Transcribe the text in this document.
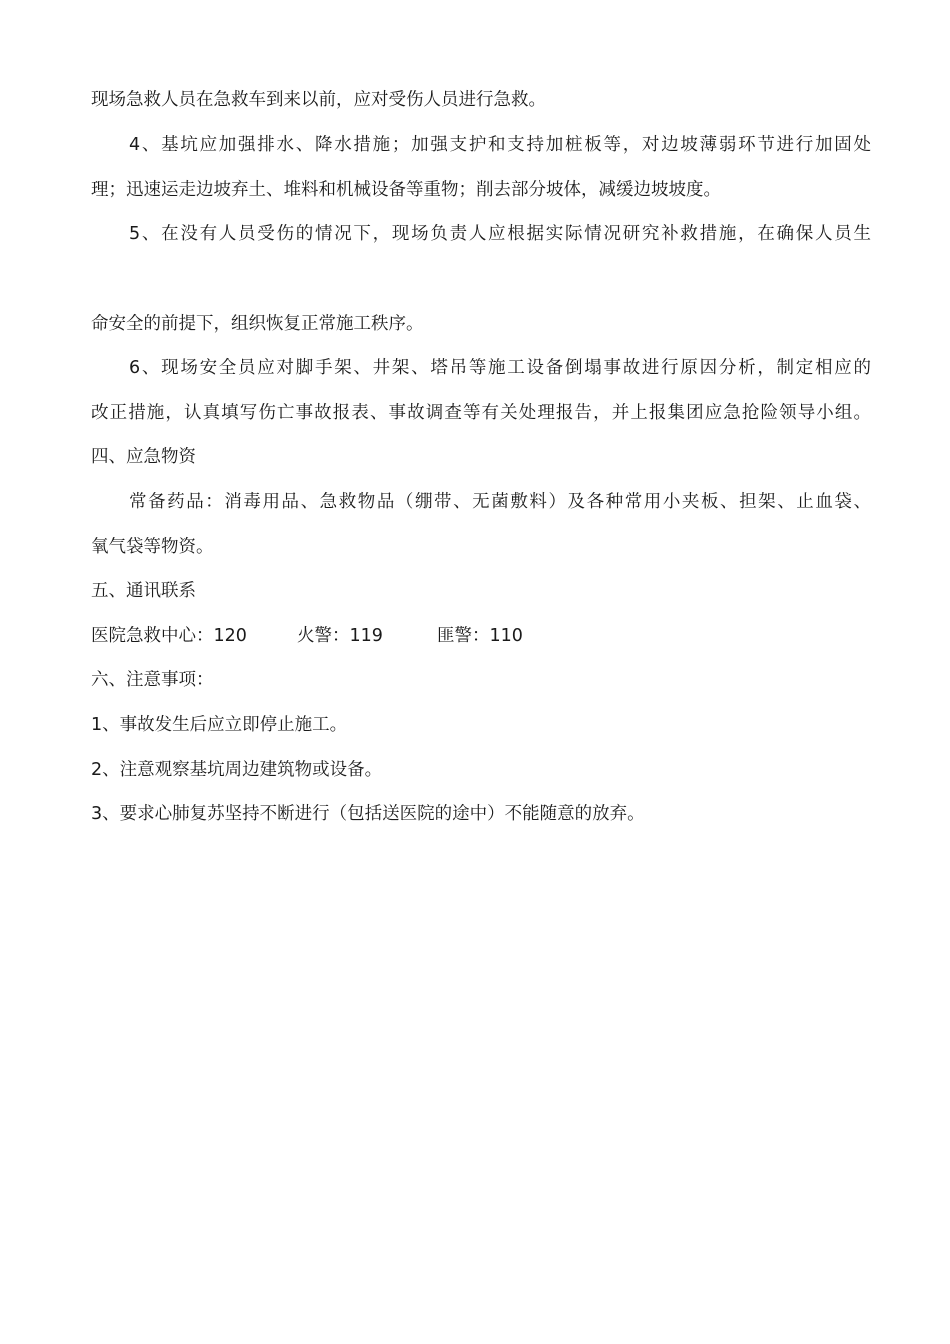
现场急救人员在急救车到来以前，应对受伤人员进行急救。
4、基坑应加强排水、降水措施；加强支护和支持加桩板等，对边坡薄弱环节进行加固处
理；迅速运走边坡弃土、堆料和机械设备等重物；削去部分坡体，减缓边坡坡度。
5、在没有人员受伤的情况下，现场负责人应根据实际情况研究补救措施，在确保人员生
命安全的前提下，组织恢复正常施工秩序。
6、现场安全员应对脚手架、井架、塔吊等施工设备倒塌事故进行原因分析，制定相应的
改正措施，认真填写伤亡事故报表、事故调查等有关处理报告，并上报集团应急抢险领导小组。
四、应急物资
常备药品：消毒用品、急救物品（绷带、无菌敷料）及各种常用小夹板、担架、止血袋、
氧气袋等物资。
五、通讯联系
医院急救中心：120	火警：119	匪警：110
六、注意事项：
1、事故发生后应立即停止施工。
2、注意观察基坑周边建筑物或设备。
3、要求心肺复苏坚持不断进行（包括送医院的途中）不能随意的放弃。
